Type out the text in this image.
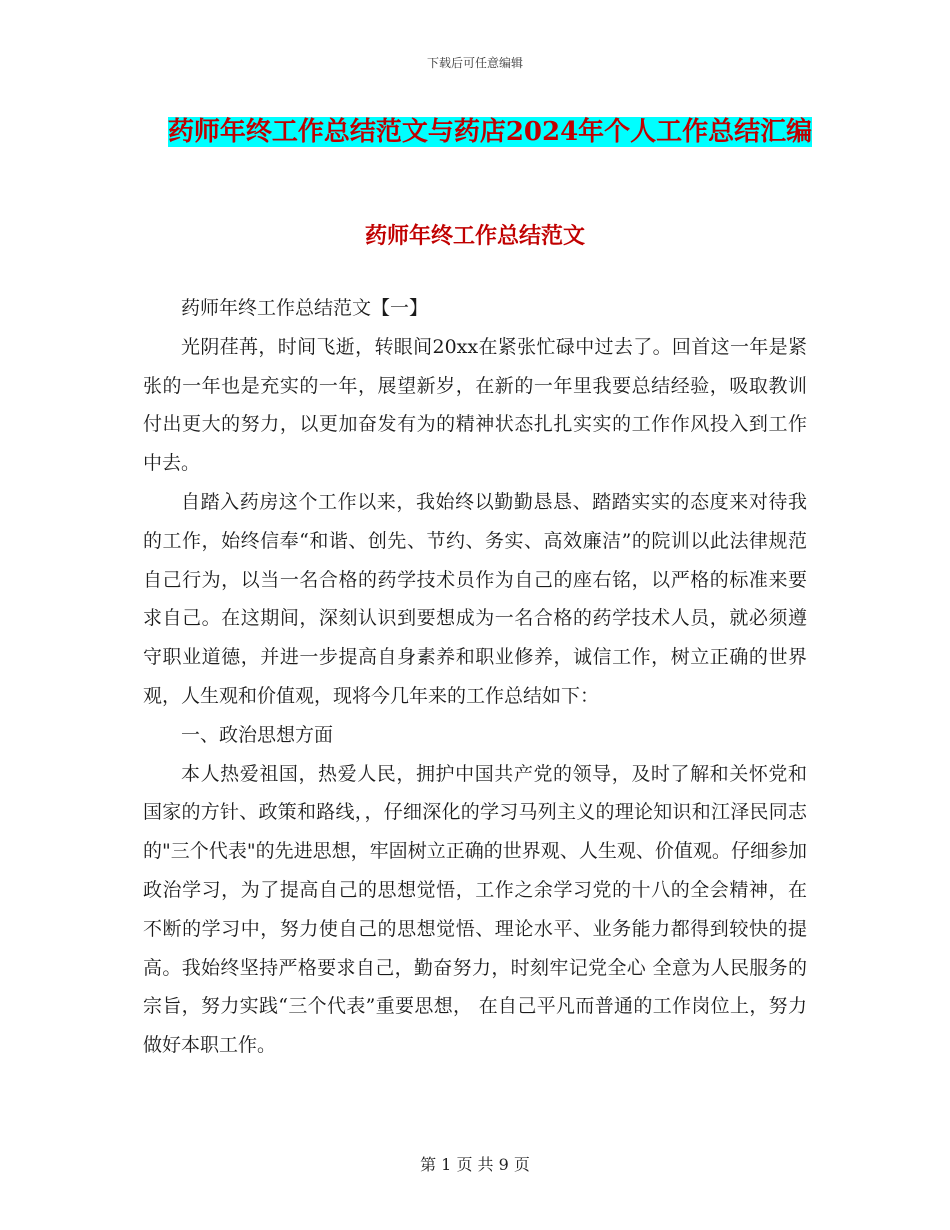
下载后可任意编辑
药师年终工作总结范文与药店2024年个人工作总结汇编
药师年终工作总结范文

药师年终工作总结范文【一】

光阴荏苒，时间飞逝，转眼间20xx在紧张忙碌中过去了。回首这一年是紧张的一年也是充实的一年，展望新岁，在新的一年里我要总结经验，吸取教训付出更大的努力，以更加奋发有为的精神状态扎扎实实的工作作风投入到工作中去。

自踏入药房这个工作以来，我始终以勤勤恳恳、踏踏实实的态度来对待我的工作，始终信奉“和谐、创先、节约、务实、高效廉洁”的院训以此法律规范自己行为，以当一名合格的药学技术员作为自己的座右铭，以严格的标准来要求自己。在这期间，深刻认识到要想成为一名合格的药学技术人员，就必须遵守职业道德，并进一步提高自身素养和职业修养，诚信工作，树立正确的世界观，人生观和价值观，现将今几年来的工作总结如下：

一、政治思想方面

本人热爱祖国，热爱人民，拥护中国共产党的领导，及时了解和关怀党和国家的方针、政策和路线，，仔细深化的学习马列主义的理论知识和江泽民同志的"三个代表"的先进思想，牢固树立正确的世界观、人生观、价值观。仔细参加政治学习，为了提高自己的思想觉悟，工作之余学习党的十八的全会精神，在不断的学习中，努力使自己的思想觉悟、理论水平、业务能力都得到较快的提高。我始终坚持严格要求自己，勤奋努力，时刻牢记党全心 全意为人民服务的宗旨，努力实践“三个代表”重要思想， 在自己平凡而普通的工作岗位上，努力做好本职工作。

第 1 页 共 9 页
